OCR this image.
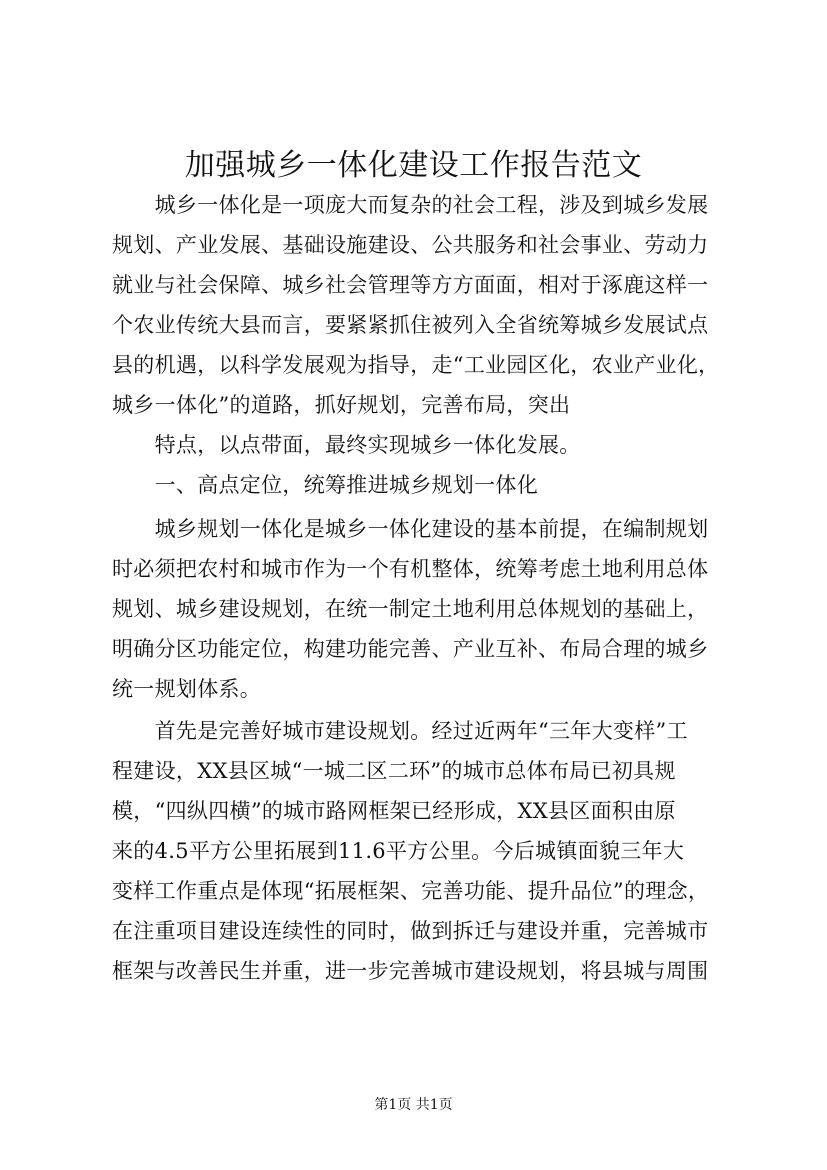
加强城乡一体化建设工作报告范文
　　城乡一体化是一项庞大而复杂的社会工程，涉及到城乡发展
规划、产业发展、基础设施建设、公共服务和社会事业、劳动力
就业与社会保障、城乡社会管理等方方面面，相对于涿鹿这样一
个农业传统大县而言，要紧紧抓住被列入全省统筹城乡发展试点
县的机遇，以科学发展观为指导，走“工业园区化，农业产业化，
城乡一体化”的道路，抓好规划，完善布局，突出
　　特点，以点带面，最终实现城乡一体化发展。
　　一、高点定位，统筹推进城乡规划一体化
　　城乡规划一体化是城乡一体化建设的基本前提，在编制规划
时必须把农村和城市作为一个有机整体，统筹考虑土地利用总体
规划、城乡建设规划，在统一制定土地利用总体规划的基础上，
明确分区功能定位，构建功能完善、产业互补、布局合理的城乡
统一规划体系。
　　首先是完善好城市建设规划。经过近两年“三年大变样”工
程建设，XX县区城“一城二区二环”的城市总体布局已初具规
模，“四纵四横”的城市路网框架已经形成，XX县区面积由原
来的4.5平方公里拓展到11.6平方公里。今后城镇面貌三年大
变样工作重点是体现“拓展框架、完善功能、提升品位”的理念，
在注重项目建设连续性的同时，做到拆迁与建设并重，完善城市
框架与改善民生并重，进一步完善城市建设规划，将县城与周围
第1页 共1页
